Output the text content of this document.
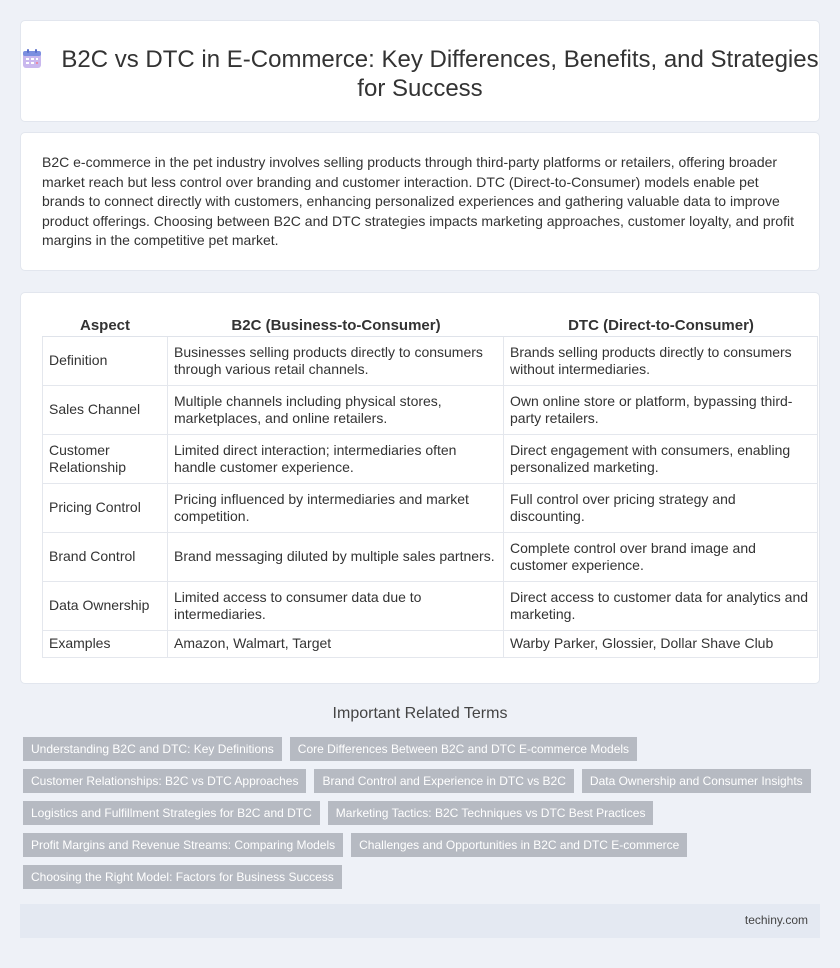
B2C vs DTC in E-Commerce: Key Differences, Benefits, and Strategies for Success

B2C e-commerce in the pet industry involves selling products through third-party platforms or retailers, offering broader market reach but less control over branding and customer interaction. DTC (Direct-to-Consumer) models enable pet brands to connect directly with customers, enhancing personalized experiences and gathering valuable data to improve product offerings. Choosing between B2C and DTC strategies impacts marketing approaches, customer loyalty, and profit margins in the competitive pet market.

Aspect	B2C (Business-to-Consumer)	DTC (Direct-to-Consumer)
Definition	Businesses selling products directly to consumers through various retail channels.	Brands selling products directly to consumers without intermediaries.
Sales Channel	Multiple channels including physical stores, marketplaces, and online retailers.	Own online store or platform, bypassing third-party retailers.
Customer Relationship	Limited direct interaction; intermediaries often handle customer experience.	Direct engagement with consumers, enabling personalized marketing.
Pricing Control	Pricing influenced by intermediaries and market competition.	Full control over pricing strategy and discounting.
Brand Control	Brand messaging diluted by multiple sales partners.	Complete control over brand image and customer experience.
Data Ownership	Limited access to consumer data due to intermediaries.	Direct access to customer data for analytics and marketing.
Examples	Amazon, Walmart, Target	Warby Parker, Glossier, Dollar Shave Club
Important Related Terms
Understanding B2C and DTC: Key Definitions	Core Differences Between B2C and DTC E-commerce Models
Customer Relationships: B2C vs DTC Approaches	Brand Control and Experience in DTC vs B2C	Data Ownership and Consumer Insights
Logistics and Fulfillment Strategies for B2C and DTC	Marketing Tactics: B2C Techniques vs DTC Best Practices
Profit Margins and Revenue Streams: Comparing Models	Challenges and Opportunities in B2C and DTC E-commerce
Choosing the Right Model: Factors for Business Success
techiny.com
